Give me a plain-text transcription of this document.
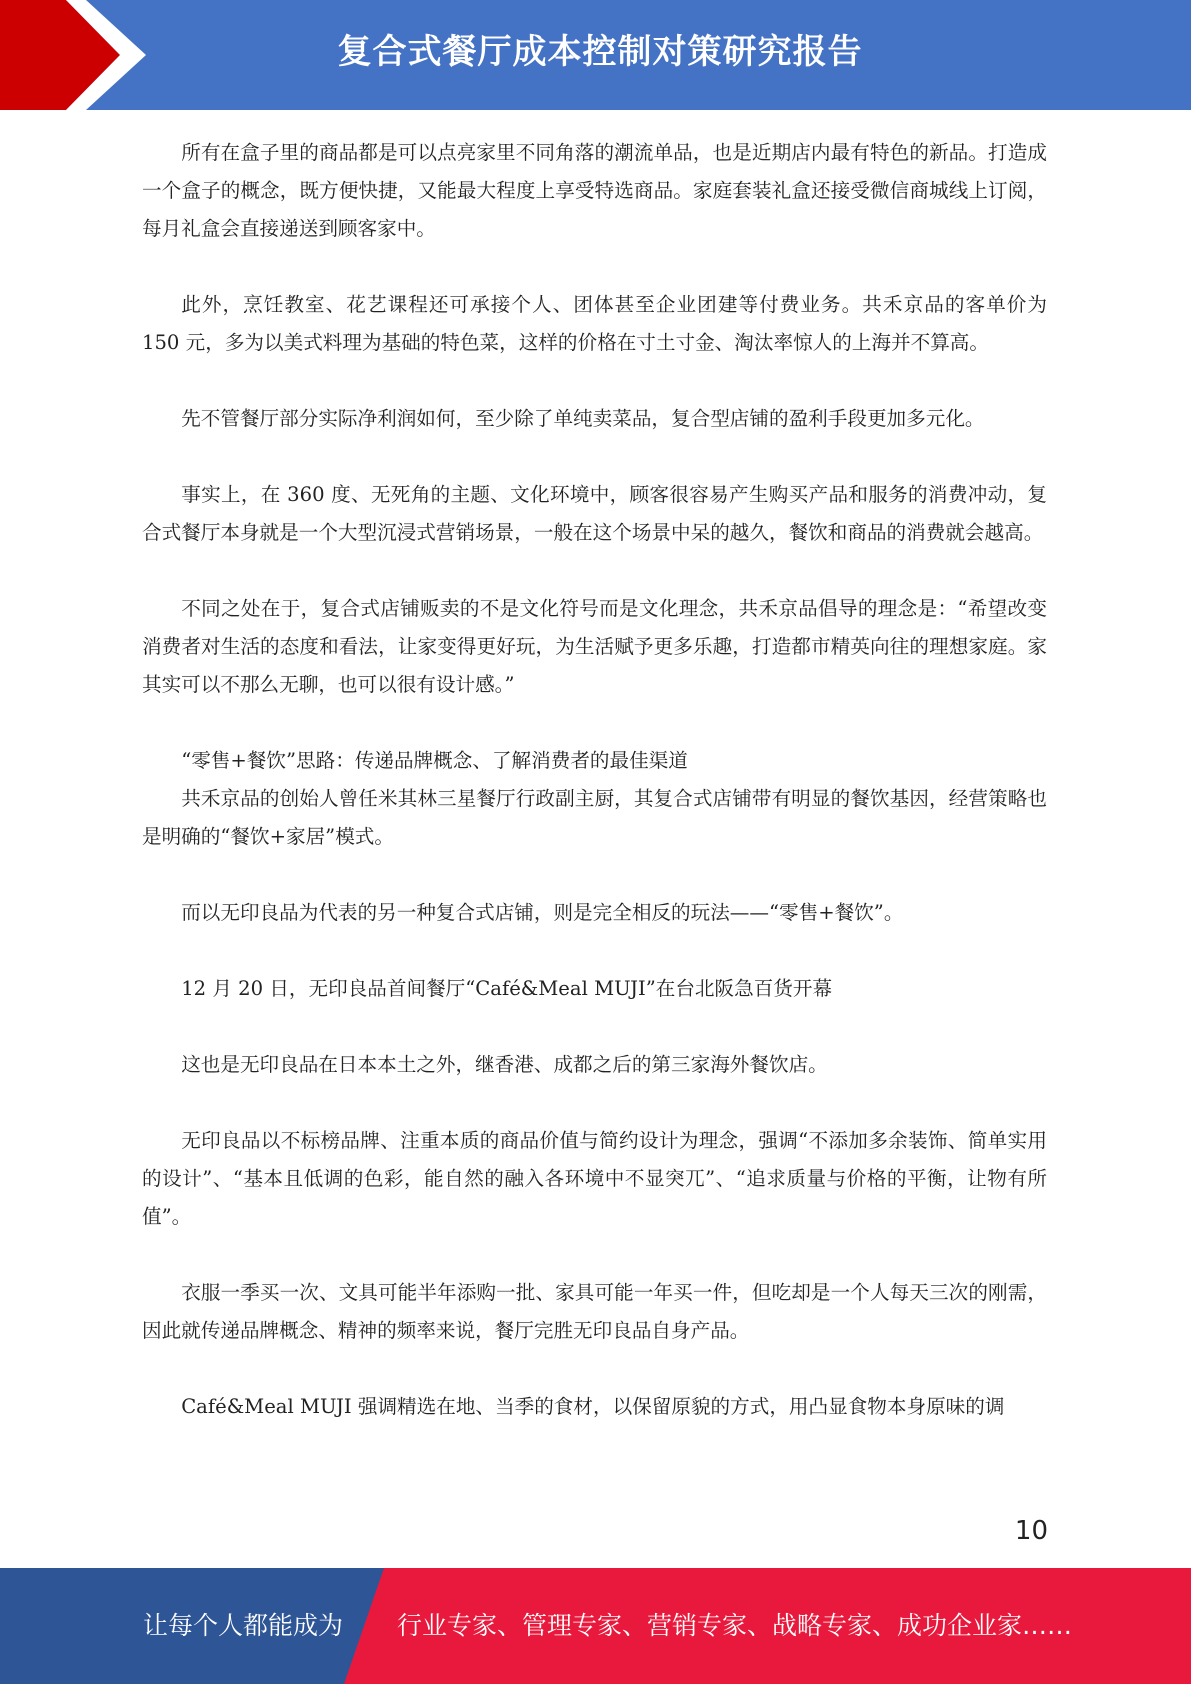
复合式餐厅成本控制对策研究报告

所有在盒子里的商品都是可以点亮家里不同角落的潮流单品，也是近期店内最有特色的新品。打造成一个盒子的概念，既方便快捷，又能最大程度上享受特选商品。家庭套装礼盒还接受微信商城线上订阅，每月礼盒会直接递送到顾客家中。

此外，烹饪教室、花艺课程还可承接个人、团体甚至企业团建等付费业务。共禾京品的客单价为 150 元，多为以美式料理为基础的特色菜，这样的价格在寸土寸金、淘汰率惊人的上海并不算高。

先不管餐厅部分实际净利润如何，至少除了单纯卖菜品，复合型店铺的盈利手段更加多元化。

事实上，在 360 度、无死角的主题、文化环境中，顾客很容易产生购买产品和服务的消费冲动，复合式餐厅本身就是一个大型沉浸式营销场景，一般在这个场景中呆的越久，餐饮和商品的消费就会越高。

不同之处在于，复合式店铺贩卖的不是文化符号而是文化理念，共禾京品倡导的理念是：“希望改变消费者对生活的态度和看法，让家变得更好玩，为生活赋予更多乐趣，打造都市精英向往的理想家庭。家其实可以不那么无聊，也可以很有设计感。”

“零售+餐饮”思路：传递品牌概念、了解消费者的最佳渠道

共禾京品的创始人曾任米其林三星餐厅行政副主厨，其复合式店铺带有明显的餐饮基因，经营策略也是明确的“餐饮+家居”模式。

而以无印良品为代表的另一种复合式店铺，则是完全相反的玩法——“零售+餐饮”。

12 月 20 日，无印良品首间餐厅“Café&Meal MUJI”在台北阪急百货开幕

这也是无印良品在日本本土之外，继香港、成都之后的第三家海外餐饮店。

无印良品以不标榜品牌、注重本质的商品价值与简约设计为理念，强调“不添加多余装饰、简单实用的设计”、“基本且低调的色彩，能自然的融入各环境中不显突兀”、“追求质量与价格的平衡，让物有所值”。

衣服一季买一次、文具可能半年添购一批、家具可能一年买一件，但吃却是一个人每天三次的刚需，因此就传递品牌概念、精神的频率来说，餐厅完胜无印良品自身产品。

Café&Meal MUJI 强调精选在地、当季的食材，以保留原貌的方式，用凸显食物本身原味的调

10
让每个人都能成为 行业专家、管理专家、营销专家、战略专家、成功企业家……
